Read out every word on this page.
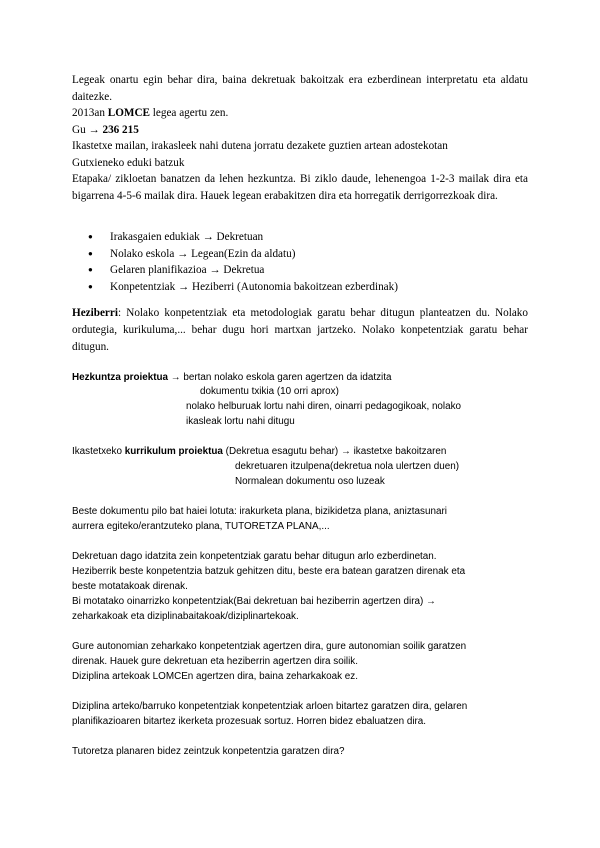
Legeak onartu egin behar dira, baina dekretuak bakoitzak era ezberdinean interpretatu eta aldatu daitezke.

2013an LOMCE legea agertu zen.
Gu → 236 215
Ikastetxe mailan, irakasleek nahi dutena jorratu dezakete guztien artean adostekotan
Gutxieneko eduki batzuk

Etapaka/ zikloetan banatzen da lehen hezkuntza. Bi ziklo daude, lehenengoa 1-2-3 mailak dira eta bigarrena 4-5-6 mailak dira. Hauek legean erabakitzen dira eta horregatik derrigorrezkoak dira.

● Irakasgaien edukiak → Dekretuan
● Nolako eskola → Legean(Ezin da aldatu)
● Gelaren planifikazioa → Dekretua
● Konpetentziak → Heziberri (Autonomia bakoitzean ezberdinak)

Heziberri: Nolako konpetentziak eta metodologiak garatu behar ditugun planteatzen du. Nolako ordutegia, kurikuluma,... behar dugu hori martxan jartzeko. Nolako konpetentziak garatu behar ditugun.

Hezkuntza proiektua → bertan nolako eskola garen agertzen da idatzita
dokumentu txikia (10 orri aprox)
nolako helburuak lortu nahi diren, oinarri pedagogikoak, nolako
ikasleak lortu nahi ditugu
Ikastetxeko kurrikulum proiektua (Dekretua esagutu behar) → ikastetxe bakoitzaren
dekretuaren itzulpena(dekretua nola ulertzen duen)
Normalean dokumentu oso luzeak
Beste dokumentu pilo bat haiei lotuta: irakurketa plana, bizikidetza plana, aniztasunari
aurrera egiteko/erantzuteko plana, TUTORETZA PLANA,...
Dekretuan dago idatzita zein konpetentziak garatu behar ditugun arlo ezberdinetan.
Heziberrik beste konpetentzia batzuk gehitzen ditu, beste era batean garatzen direnak eta
beste motatakoak direnak.
Bi motatako oinarrizko konpetentziak(Bai dekretuan bai heziberrin agertzen dira) →
zeharkakoak eta diziplinabaitakoak/diziplinartekoak.
Gure autonomian zeharkako konpetentziak agertzen dira, gure autonomian soilik garatzen
direnak. Hauek gure dekretuan eta heziberrin agertzen dira soilik.
Diziplina artekoak LOMCEn agertzen dira, baina zeharkakoak ez.
Diziplina arteko/barruko konpetentziak konpetentziak arloen bitartez garatzen dira, gelaren
planifikazioaren bitartez ikerketa prozesuak sortuz. Horren bidez ebaluatzen dira.
Tutoretza planaren bidez zeintzuk konpetentzia garatzen dira?
